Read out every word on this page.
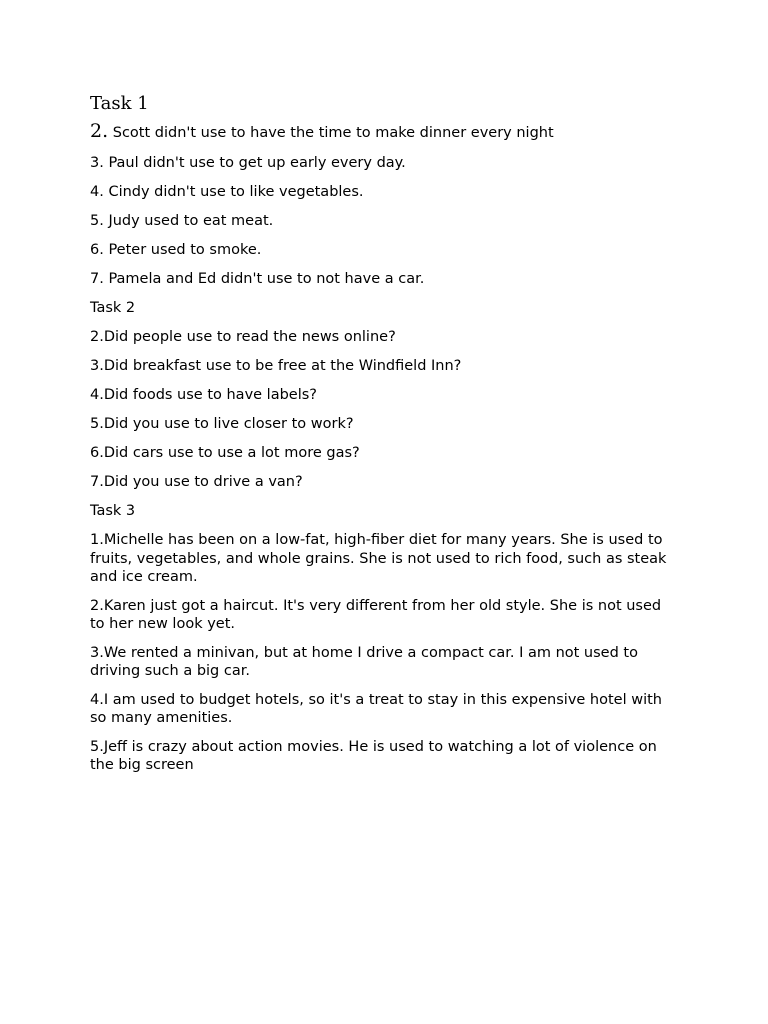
Task 1
2. Scott didn't use to have the time to make dinner every night
3. Paul didn't use to get up early every day.
4. Cindy didn't use to like vegetables.
5. Judy used to eat meat.
6. Peter used to smoke.
7. Pamela and Ed didn't use to not have a car.
Task 2
2.Did people use to read the news online?
3.Did breakfast use to be free at the Windfield Inn?
4.Did foods use to have labels?
5.Did you use to live closer to work?
6.Did cars use to use a lot more gas?
7.Did you use to drive a van?
Task 3
1.Michelle has been on a low-fat, high-fiber diet for many years. She is used to fruits, vegetables, and whole grains. She is not used to rich food, such as steak and ice cream.
2.Karen just got a haircut. It's very different from her old style. She is not used to her new look yet.
3.We rented a minivan, but at home I drive a compact car. I am not used to driving such a big car.
4.I am used to budget hotels, so it's a treat to stay in this expensive hotel with so many amenities.
5.Jeff is crazy about action movies. He is used to watching a lot of violence on the big screen
